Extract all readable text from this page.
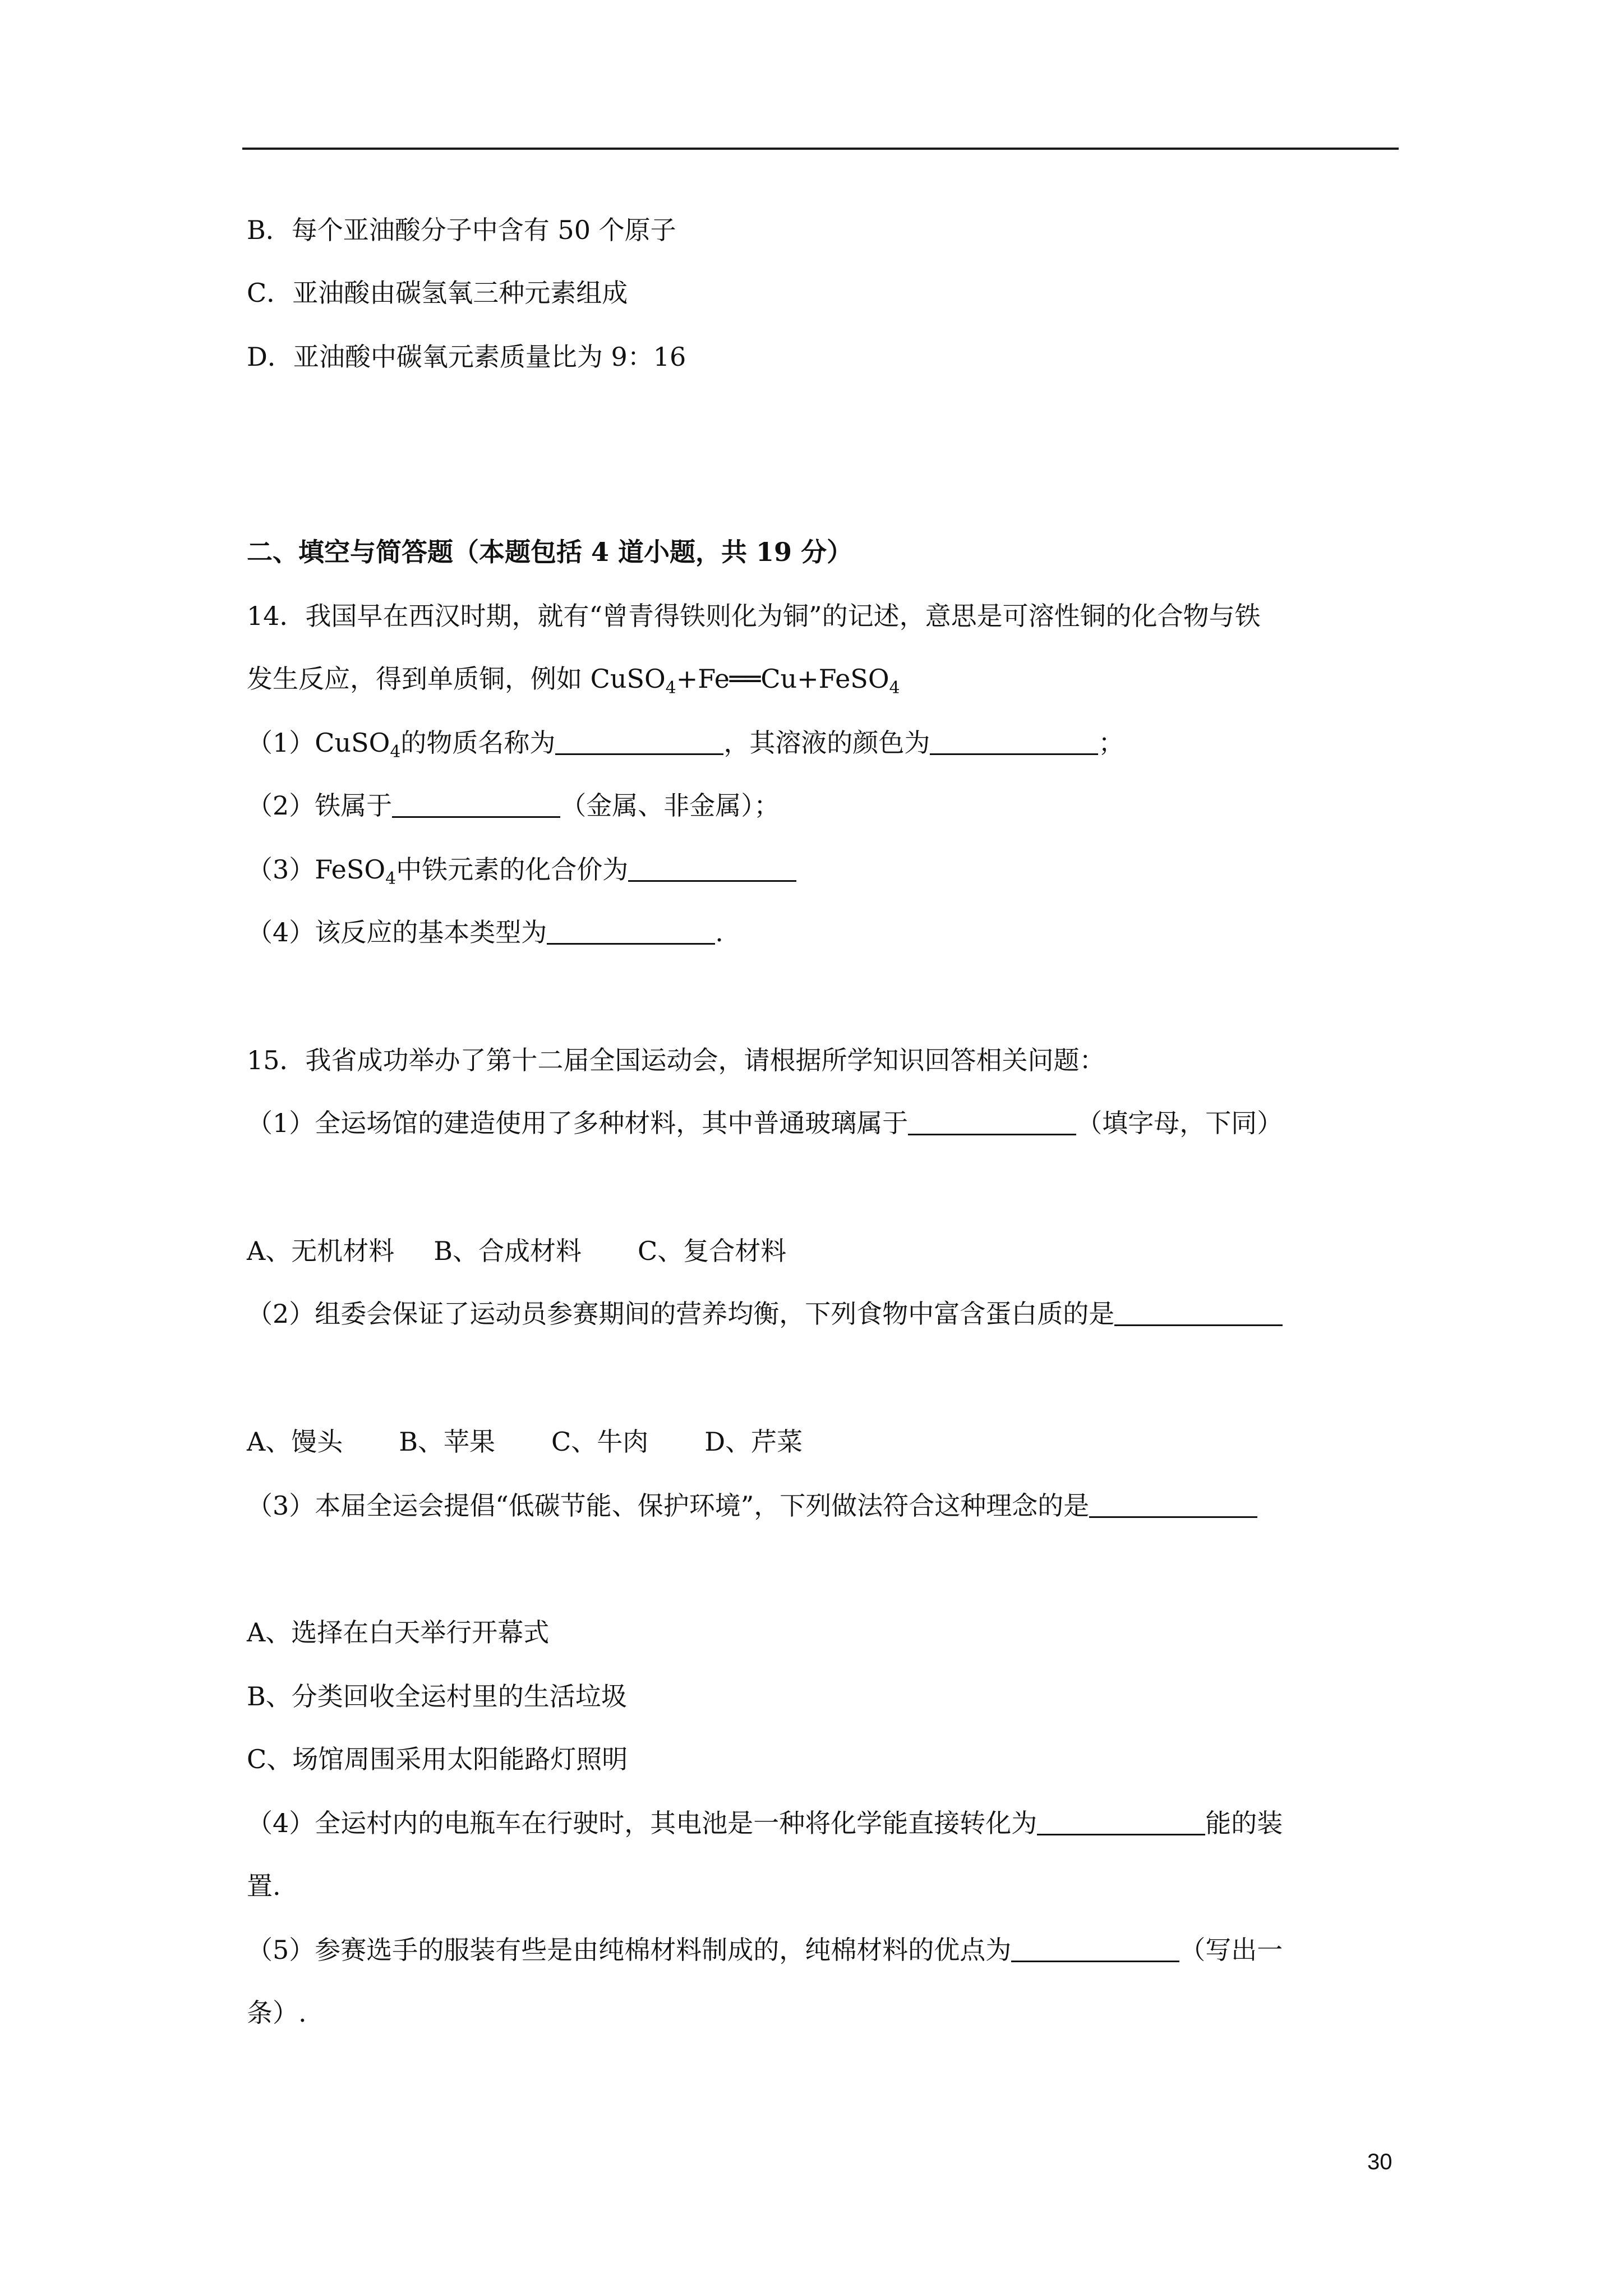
B．每个亚油酸分子中含有 50 个原子
C．亚油酸由碳氢氧三种元素组成
D．亚油酸中碳氧元素质量比为 9：16
二、填空与简答题（本题包括 4 道小题，共 19 分）
14．我国早在西汉时期，就有“曾青得铁则化为铜”的记述，意思是可溶性铜的化合物与铁
发生反应，得到单质铜，例如 CuSO$_4$+Fe══Cu+FeSO$_4$
（1）CuSO$_4$的物质名称为	，其溶液的颜色为	；
（2）铁属于	（金属、非金属）；
（3）FeSO$_4$中铁元素的化合价为
（4）该反应的基本类型为	.
15．我省成功举办了第十二届全国运动会，请根据所学知识回答相关问题：
（1）全运场馆的建造使用了多种材料，其中普通玻璃属于	（填字母，下同）
A、无机材料 B、合成材料 C、复合材料
（2）组委会保证了运动员参赛期间的营养均衡，下列食物中富含蛋白质的是
A、馒头 B、苹果 C、牛肉 D、芹菜
（3）本届全运会提倡“低碳节能、保护环境”，下列做法符合这种理念的是
A、选择在白天举行开幕式
B、分类回收全运村里的生活垃圾
C、场馆周围采用太阳能路灯照明
（4）全运村内的电瓶车在行驶时，其电池是一种将化学能直接转化为	能的装
置.
（5）参赛选手的服装有些是由纯棉材料制成的，纯棉材料的优点为	（写出一
条）.
30
